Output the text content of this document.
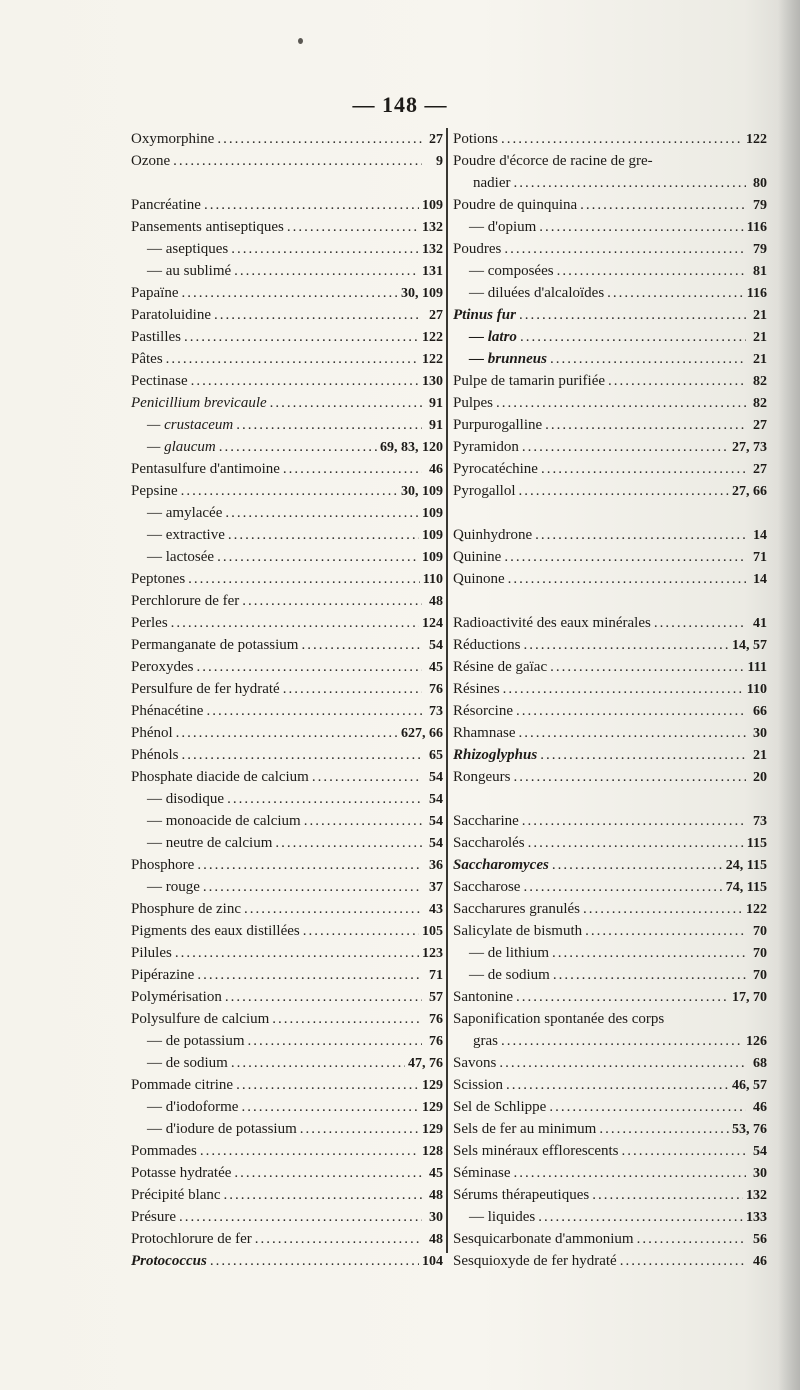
— 148 —
Oxymorphine .....	27
Ozone .....	9
Pancréatine .....	109
Pansements antiseptiques .....	132
— aseptiques .....	132
— au sublimé .....	131
Papaïne .....	30, 109
Paratoluidine .....	27
Pastilles .....	122
Pâtes .....	122
Pectinase .....	130
Penicillium brevicaule .....	91
— crustaceum .....	91
— glaucum .....	69, 83, 120
Pentasulfure d'antimoine .....	46
Pepsine .....	30, 109
— amylacée .....	109
— extractive .....	109
— lactosée .....	109
Peptones .....	110
Perchlorure de fer .....	48
Perles .....	124
Permanganate de potassium .....	54
Peroxydes .....	45
Persulfure de fer hydraté .....	76
Phénacétine .....	73
Phénol .....	627, 66
Phénols .....	65
Phosphate diacide de calcium .....	54
— disodique .....	54
— monoacide de calcium .....	54
— neutre de calcium .....	54
Phosphore .....	36
— rouge .....	37
Phosphure de zinc .....	43
Pigments des eaux distillées .....	105
Pilules .....	123
Pipérazine .....	71
Polymérisation .....	57
Polysulfure de calcium .....	76
— de potassium .....	76
— de sodium .....	47, 76
Pommade citrine .....	129
— d'iodoforme .....	129
— d'iodure de potassium .....	129
Pommades .....	128
Potasse hydratée .....	45
Précipité blanc .....	48
Présure .....	30
Protochlorure de fer .....	48
Protococcus .....	104
Potions .....	122
Poudre d'écorce de racine de gre-
nadier .....	80
Poudre de quinquina .....	79
— d'opium .....	116
Poudres .....	79
— composées .....	81
— diluées d'alcaloïdes .....	116
Ptinus fur .....	21
— latro .....	21
— brunneus .....	21
Pulpe de tamarin purifiée .....	82
Pulpes .....	82
Purpurogalline .....	27
Pyramidon .....	27, 73
Pyrocatéchine .....	27
Pyrogallol .....	27, 66
Quinhydrone .....	14
Quinine .....	71
Quinone .....	14
Radioactivité des eaux minérales .....	41
Réductions .....	14, 57
Résine de gaïac .....	111
Résines .....	110
Résorcine .....	66
Rhamnase .....	30
Rhizoglyphus .....	21
Rongeurs .....	20
Saccharine .....	73
Saccharolés .....	115
Saccharomyces .....	24, 115
Saccharose .....	74, 115
Saccharures granulés .....	122
Salicylate de bismuth .....	70
— de lithium .....	70
— de sodium .....	70
Santonine .....	17, 70
Saponification spontanée des corps
gras .....	126
Savons .....	68
Scission .....	46, 57
Sel de Schlippe .....	46
Sels de fer au minimum .....	53, 76
Sels minéraux efflorescents .....	54
Séminase .....	30
Sérums thérapeutiques .....	132
— liquides .....	133
Sesquicarbonate d'ammonium .....	56
Sesquioxyde de fer hydraté .....	46
